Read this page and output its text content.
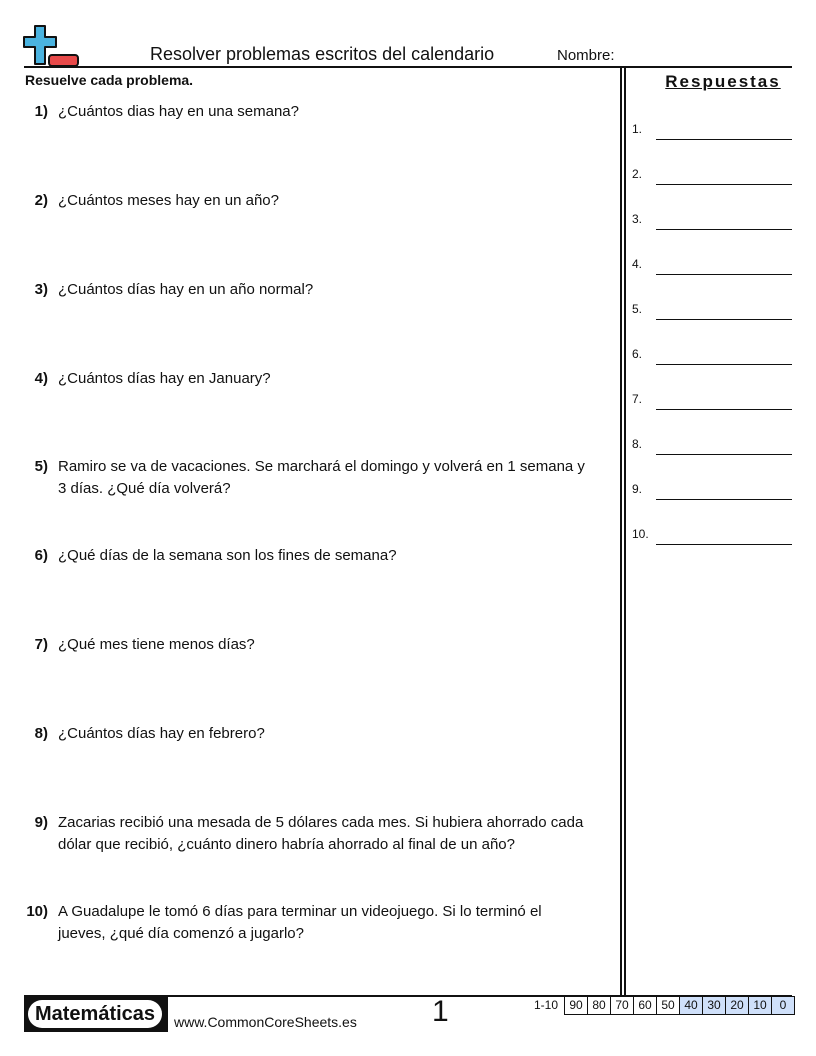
Resolver problemas escritos del calendario	Nombre:
Resuelve cada problema.	Respuestas
1) ¿Cuántos dias hay en una semana?
2) ¿Cuántos meses hay en un año?
3) ¿Cuántos días hay en un año normal?
4) ¿Cuántos días hay en January?
5) Ramiro se va de vacaciones. Se marchará el domingo y volverá en 1 semana y
3 días. ¿Qué día volverá?
6) ¿Qué días de la semana son los fines de semana?
7) ¿Qué mes tiene menos días?
8) ¿Cuántos días hay en febrero?
9) Zacarias recibió una mesada de 5 dólares cada mes. Si hubiera ahorrado cada
dólar que recibió, ¿cuánto dinero habría ahorrado al final de un año?
10) A Guadalupe le tomó 6 días para terminar un videojuego. Si lo terminó el
jueves, ¿qué día comenzó a jugarlo?
1.
2.
3.
4.
5.
6.
7.
8.
9.
10.
Matemáticas	www.CommonCoreSheets.es	1	1-10 90 80 70 60 50 40 30 20 10	0
